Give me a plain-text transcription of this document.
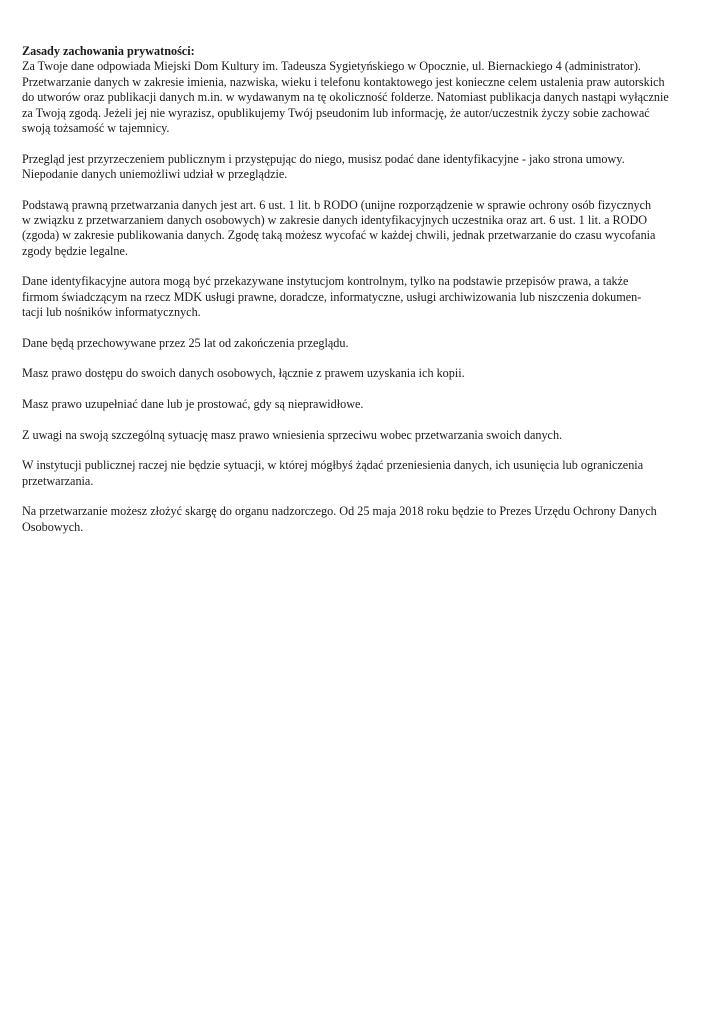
Zasady zachowania prywatności:

Za Twoje dane odpowiada Miejski Dom Kultury im. Tadeusza Sygietyńskiego w Opocznie, ul. Biernackiego 4 (administrator).
Przetwarzanie danych w zakresie imienia, nazwiska, wieku i telefonu kontaktowego jest konieczne celem ustalenia praw autorskich
do utworów oraz publikacji danych m.in. w wydawanym na tę okoliczność folderze. Natomiast publikacja danych nastąpi wyłącznie
za Twoją zgodą. Jeżeli jej nie wyrazisz, opublikujemy Twój pseudonim lub informację, że autor/uczestnik życzy sobie zachować
swoją tożsamość w tajemnicy.
Przegląd jest przyrzeczeniem publicznym i przystępując do niego, musisz podać dane identyfikacyjne - jako strona umowy.
Niepodanie danych uniemożliwi udział w przeglądzie.
Podstawą prawną przetwarzania danych jest art. 6 ust. 1 lit. b RODO (unijne rozporządzenie w sprawie ochrony osób fizycznych
w związku z przetwarzaniem danych osobowych) w zakresie danych identyfikacyjnych uczestnika oraz art. 6 ust. 1 lit. a RODO
(zgoda) w zakresie publikowania danych. Zgodę taką możesz wycofać w każdej chwili, jednak przetwarzanie do czasu wycofania
zgody będzie legalne.
Dane identyfikacyjne autora mogą być przekazywane instytucjom kontrolnym, tylko na podstawie przepisów prawa, a także
firmom świadczącym na rzecz MDK usługi prawne, doradcze, informatyczne, usługi archiwizowania lub niszczenia dokumen-
tacji lub nośników informatycznych.
Dane będą przechowywane przez 25 lat od zakończenia przeglądu.
Masz prawo dostępu do swoich danych osobowych, łącznie z prawem uzyskania ich kopii.
Masz prawo uzupełniać dane lub je prostować, gdy są nieprawidłowe.
Z uwagi na swoją szczególną sytuację masz prawo wniesienia sprzeciwu wobec przetwarzania swoich danych.
W instytucji publicznej raczej nie będzie sytuacji, w której mógłbyś żądać przeniesienia danych, ich usunięcia lub ograniczenia
przetwarzania.
Na przetwarzanie możesz złożyć skargę do organu nadzorczego. Od 25 maja 2018 roku będzie to Prezes Urzędu Ochrony Danych
Osobowych.
